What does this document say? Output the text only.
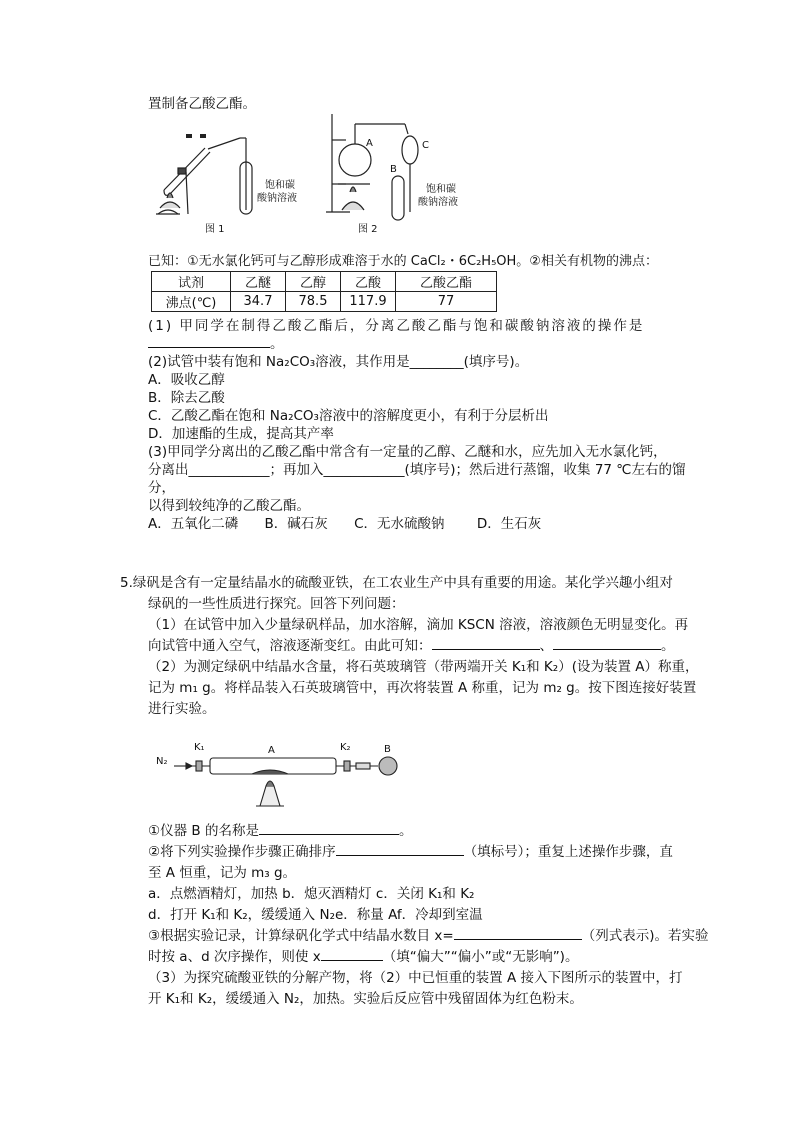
置制备乙酸乙酯。
A
B
C
饱和碳
酸钠溶液
饱和碳
酸钠溶液
图 1	图 2
已知：①无水氯化钙可与乙醇形成难溶于水的 CaCl₂・6C₂H₅OH。②相关有机物的沸点：
试剂	乙醚	乙醇	乙酸	乙酸乙酯
沸点(℃)	34.7	78.5	117.9	77
(1) 甲同学在制得乙酸乙酯后，分离乙酸乙酯与饱和碳酸钠溶液的操作是
。
(2)试管中装有饱和 Na₂CO₃溶液，其作用是________(填序号)。
A．吸收乙醇
B．除去乙酸
C．乙酸乙酯在饱和 Na₂CO₃溶液中的溶解度更小，有利于分层析出
D．加速酯的生成，提高其产率
(3)甲同学分离出的乙酸乙酯中常含有一定量的乙醇、乙醚和水，应先加入无水氯化钙，
分离出____________；再加入____________(填序号)；然后进行蒸馏，收集 77 ℃左右的馏
分，
以得到较纯净的乙酸乙酯。
A．五氧化二磷 B．碱石灰 C．无水硫酸钠 D．生石灰
5.绿矾是含有一定量结晶水的硫酸亚铁，在工农业生产中具有重要的用途。某化学兴趣小组对
绿矾的一些性质进行探究。回答下列问题：
（1）在试管中加入少量绿矾样品，加水溶解，滴加 KSCN 溶液，溶液颜色无明显变化。再
向试管中通入空气，溶液逐渐变红。由此可知：	、	。
（2）为测定绿矾中结晶水含量，将石英玻璃管（带两端开关 K₁和 K₂）(设为装置 A）称重，
记为 m₁ g。将样品装入石英玻璃管中，再次将装置 A 称重，记为 m₂ g。按下图连接好装置
进行实验。
N₂
K₁	A	K₂	B
①仪器 B 的名称是	。
②将下列实验操作步骤正确排序	（填标号）；重复上述操作步骤，直
至 A 恒重，记为 m₃ g。
a．点燃酒精灯，加热 b．熄灭酒精灯 c．关闭 K₁和 K₂
d．打开 K₁和 K₂，缓缓通入 N₂e．称量 Af．冷却到室温
③根据实验记录，计算绿矾化学式中结晶水数目 x=	（列式表示)。若实验
时按 a、d 次序操作，则使 x	（填“偏大”“偏小”或“无影响”)。
（3）为探究硫酸亚铁的分解产物，将（2）中已恒重的装置 A 接入下图所示的装置中，打
开 K₁和 K₂，缓缓通入 N₂，加热。实验后反应管中残留固体为红色粉末。
